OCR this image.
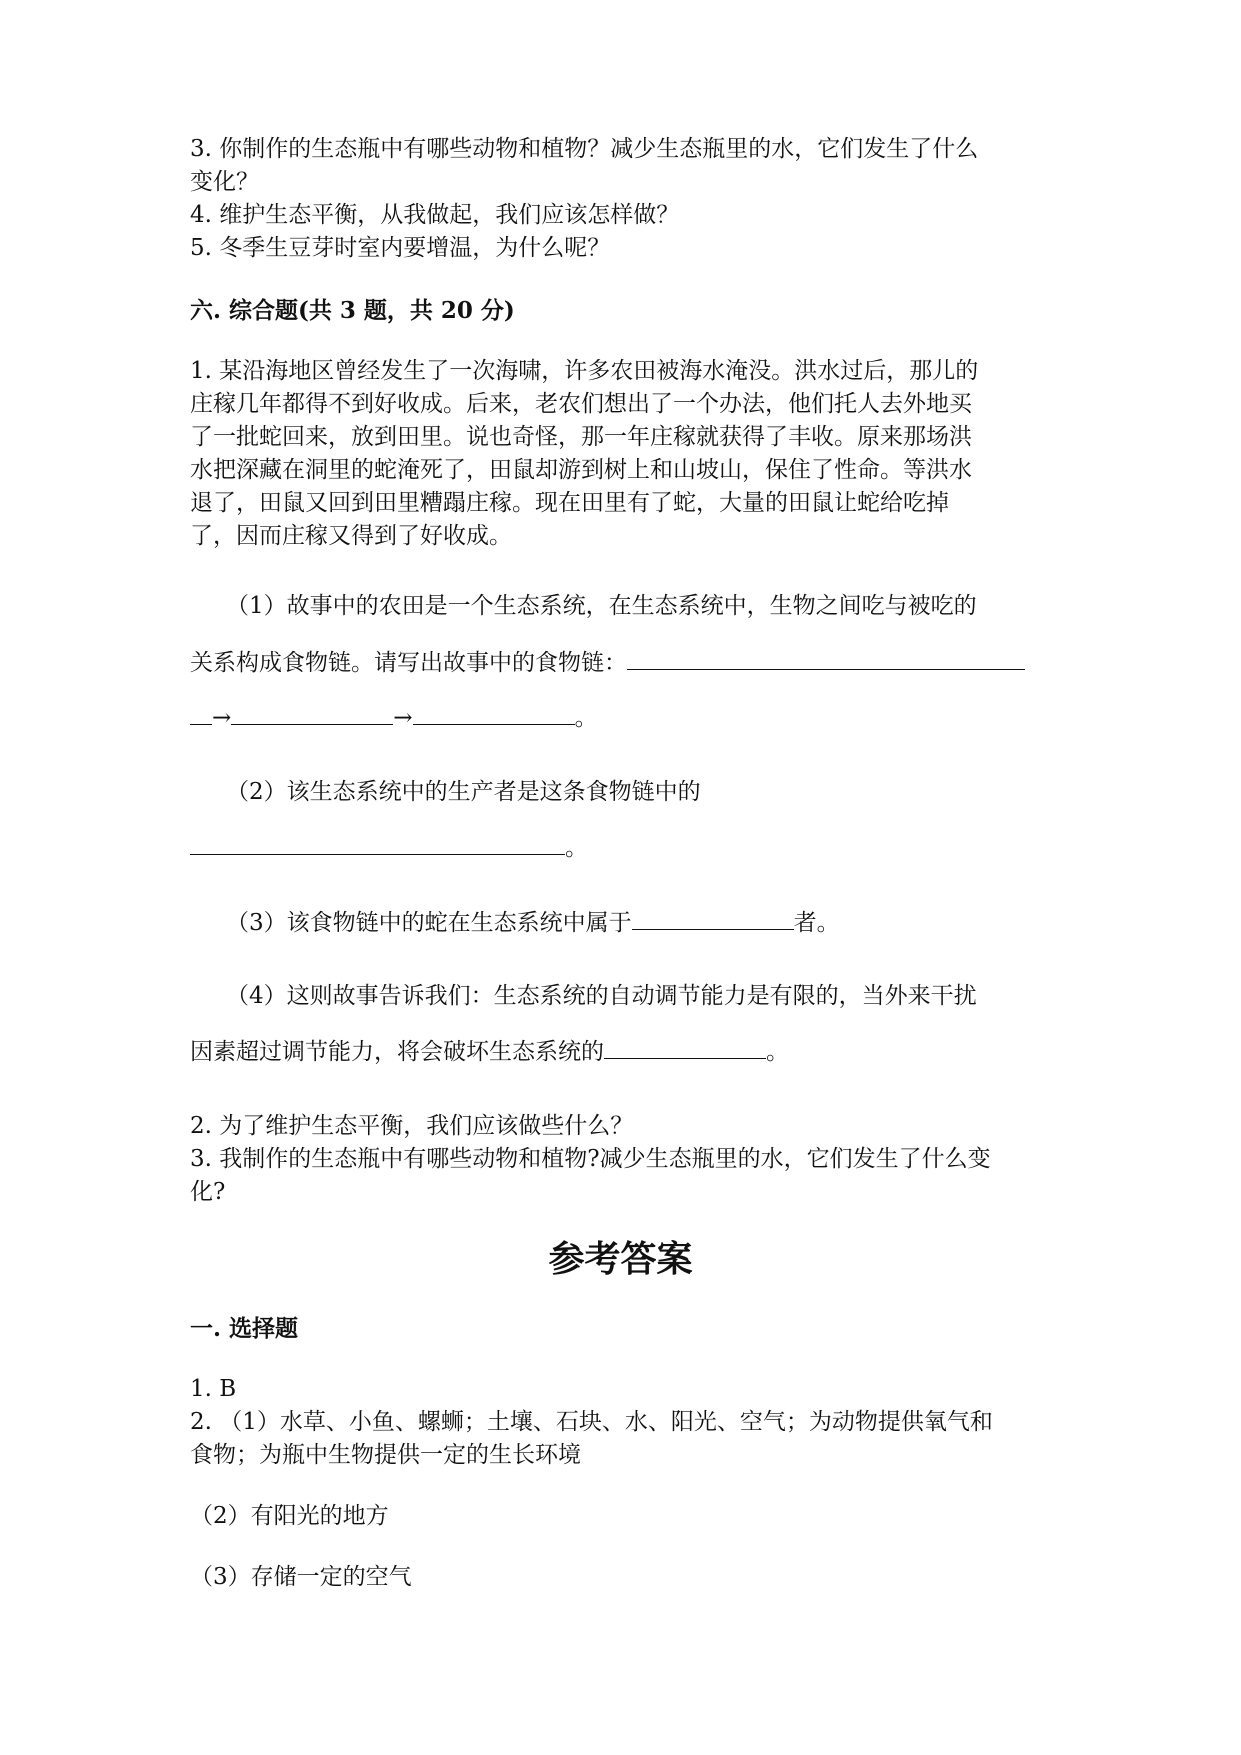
3. 你制作的生态瓶中有哪些动物和植物？减少生态瓶里的水，它们发生了什么
变化？
4. 维护生态平衡，从我做起，我们应该怎样做？
5. 冬季生豆芽时室内要增温，为什么呢？
六. 综合题(共 3 题，共 20 分)
1. 某沿海地区曾经发生了一次海啸，许多农田被海水淹没。洪水过后，那儿的
庄稼几年都得不到好收成。后来，老农们想出了一个办法，他们托人去外地买
了一批蛇回来，放到田里。说也奇怪，那一年庄稼就获得了丰收。原来那场洪
水把深藏在洞里的蛇淹死了，田鼠却游到树上和山坡山，保住了性命。等洪水
退了，田鼠又回到田里糟蹋庄稼。现在田里有了蛇，大量的田鼠让蛇给吃掉
了，因而庄稼又得到了好收成。
（1）故事中的农田是一个生态系统，在生态系统中，生物之间吃与被吃的
关系构成食物链。请写出故事中的食物链：
→	→	。
（2）该生态系统中的生产者是这条食物链中的
。
（3）该食物链中的蛇在生态系统中属于	者。
（4）这则故事告诉我们：生态系统的自动调节能力是有限的，当外来干扰
因素超过调节能力，将会破坏生态系统的	。
2. 为了维护生态平衡，我们应该做些什么？
3. 我制作的生态瓶中有哪些动物和植物?减少生态瓶里的水，它们发生了什么变
化?
参考答案
一. 选择题
1. B
2. （1）水草、小鱼、螺蛳；土壤、石块、水、阳光、空气；为动物提供氧气和
食物；为瓶中生物提供一定的生长环境
（2）有阳光的地方
（3）存储一定的空气
